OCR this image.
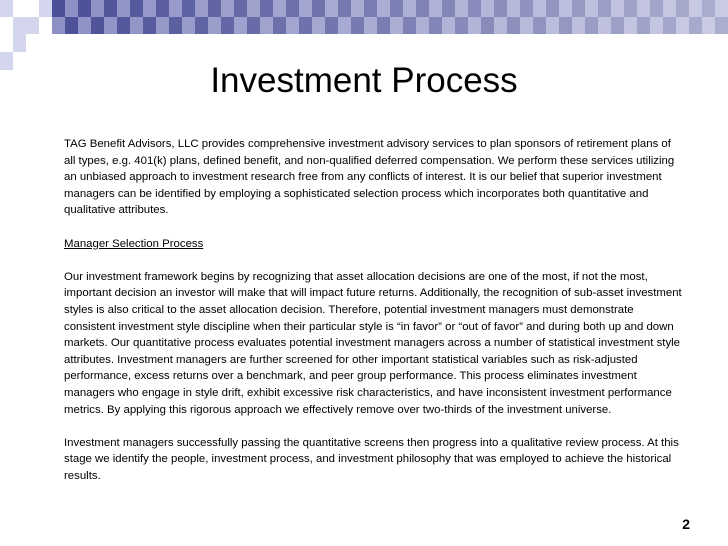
Investment Process

TAG Benefit Advisors, LLC provides comprehensive investment advisory services to plan sponsors of retirement plans of all types, e.g. 401(k) plans, defined benefit, and non-qualified deferred compensation. We perform these services utilizing an unbiased approach to investment research free from any conflicts of interest. It is our belief that superior investment managers can be identified by employing a sophisticated selection process which incorporates both quantitative and qualitative attributes.

Manager Selection Process

Our investment framework begins by recognizing that asset allocation decisions are one of the most, if not the most, important decision an investor will make that will impact future returns. Additionally, the recognition of sub-asset investment styles is also critical to the asset allocation decision. Therefore, potential investment managers must demonstrate consistent investment style discipline when their particular style is “in favor” or “out of favor” and during both up and down markets. Our quantitative process evaluates potential investment managers across a number of statistical investment style attributes. Investment managers are further screened for other important statistical variables such as risk-adjusted performance, excess returns over a benchmark, and peer group performance. This process eliminates investment managers who engage in style drift, exhibit excessive risk characteristics, and have inconsistent investment performance metrics. By applying this rigorous approach we effectively remove over two-thirds of the investment universe.

Investment managers successfully passing the quantitative screens then progress into a qualitative review process. At this stage we identify the people, investment process, and investment philosophy that was employed to achieve the historical results.

2
